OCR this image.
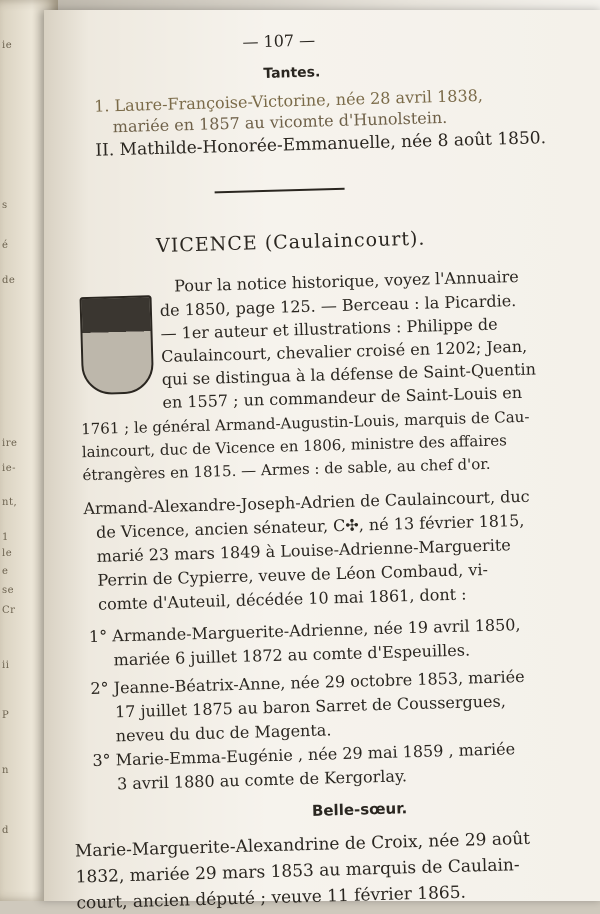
ie
s
é
de
ire
ie-
nt,
1
le
e
se
Cr
ii
P
n
d
— 107 —
Tantes.
1. Laure-Françoise-Victorine, née 28 avril 1838,
mariée en 1857 au vicomte d'Hunolstein.
II. Mathilde-Honorée-Emmanuelle, née 8 août 1850.
VICENCE (Caulaincourt).
Pour la notice historique, voyez l'Annuaire
de 1850, page 125. — Berceau : la Picardie.
— 1er auteur et illustrations : Philippe de
Caulaincourt, chevalier croisé en 1202; Jean,
qui se distingua à la défense de Saint-Quentin
en 1557 ; un commandeur de Saint-Louis en
1761 ; le général Armand-Augustin-Louis, marquis de Cau-
laincourt, duc de Vicence en 1806, ministre des affaires
étrangères en 1815. — Armes : de sable, au chef d'or.
Armand-Alexandre-Joseph-Adrien de Caulaincourt, duc
de Vicence, ancien sénateur, C✣, né 13 février 1815,
marié 23 mars 1849 à Louise-Adrienne-Marguerite
Perrin de Cypierre, veuve de Léon Combaud, vi-
comte d'Auteuil, décédée 10 mai 1861, dont :
1° Armande-Marguerite-Adrienne, née 19 avril 1850,
mariée 6 juillet 1872 au comte d'Espeuilles.
2° Jeanne-Béatrix-Anne, née 29 octobre 1853, mariée
17 juillet 1875 au baron Sarret de Coussergues,
neveu du duc de Magenta.
3° Marie-Emma-Eugénie , née 29 mai 1859 , mariée
3 avril 1880 au comte de Kergorlay.
Belle-sœur.
Marie-Marguerite-Alexandrine de Croix, née 29 août
1832, mariée 29 mars 1853 au marquis de Caulain-
court, ancien député ; veuve 11 février 1865.
